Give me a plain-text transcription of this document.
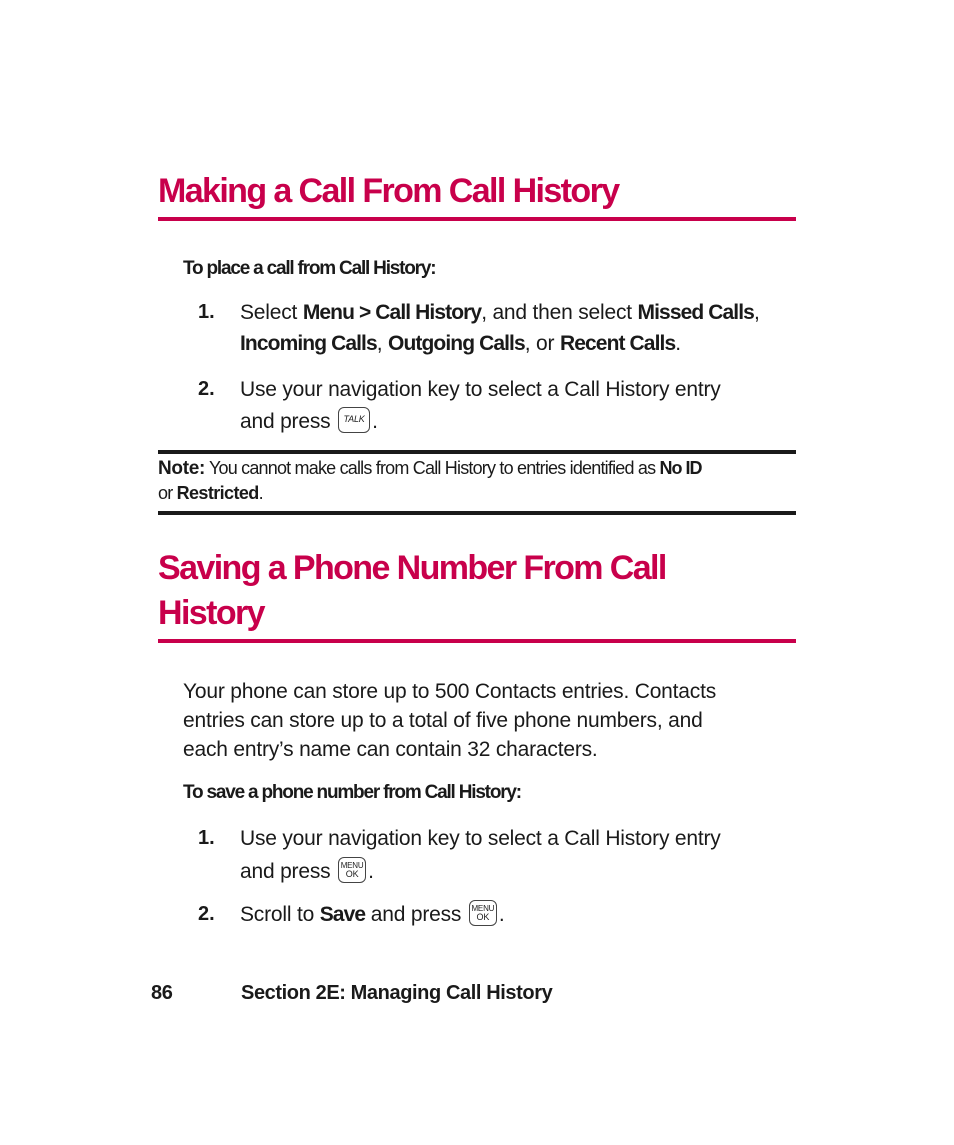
Making a Call From Call History
To place a call from Call History:
1. Select Menu > Call History, and then select Missed Calls,
Incoming Calls, Outgoing Calls, or Recent Calls.
2. Use your navigation key to select a Call History entry
and press	TALK .
Note: You cannot make calls from Call History to entries identified as No ID
or Restricted.
Saving a Phone Number From Call
History
Your phone can store up to 500 Contacts entries. Contacts
entries can store up to a total of five phone numbers, and
each entry’s name can contain 32 characters.
To save a phone number from Call History:
1. Use your navigation key to select a Call History entry
and press MENU
OK .
2. Scroll to Save and press MENU
OK .
86	Section 2E: Managing Call History
